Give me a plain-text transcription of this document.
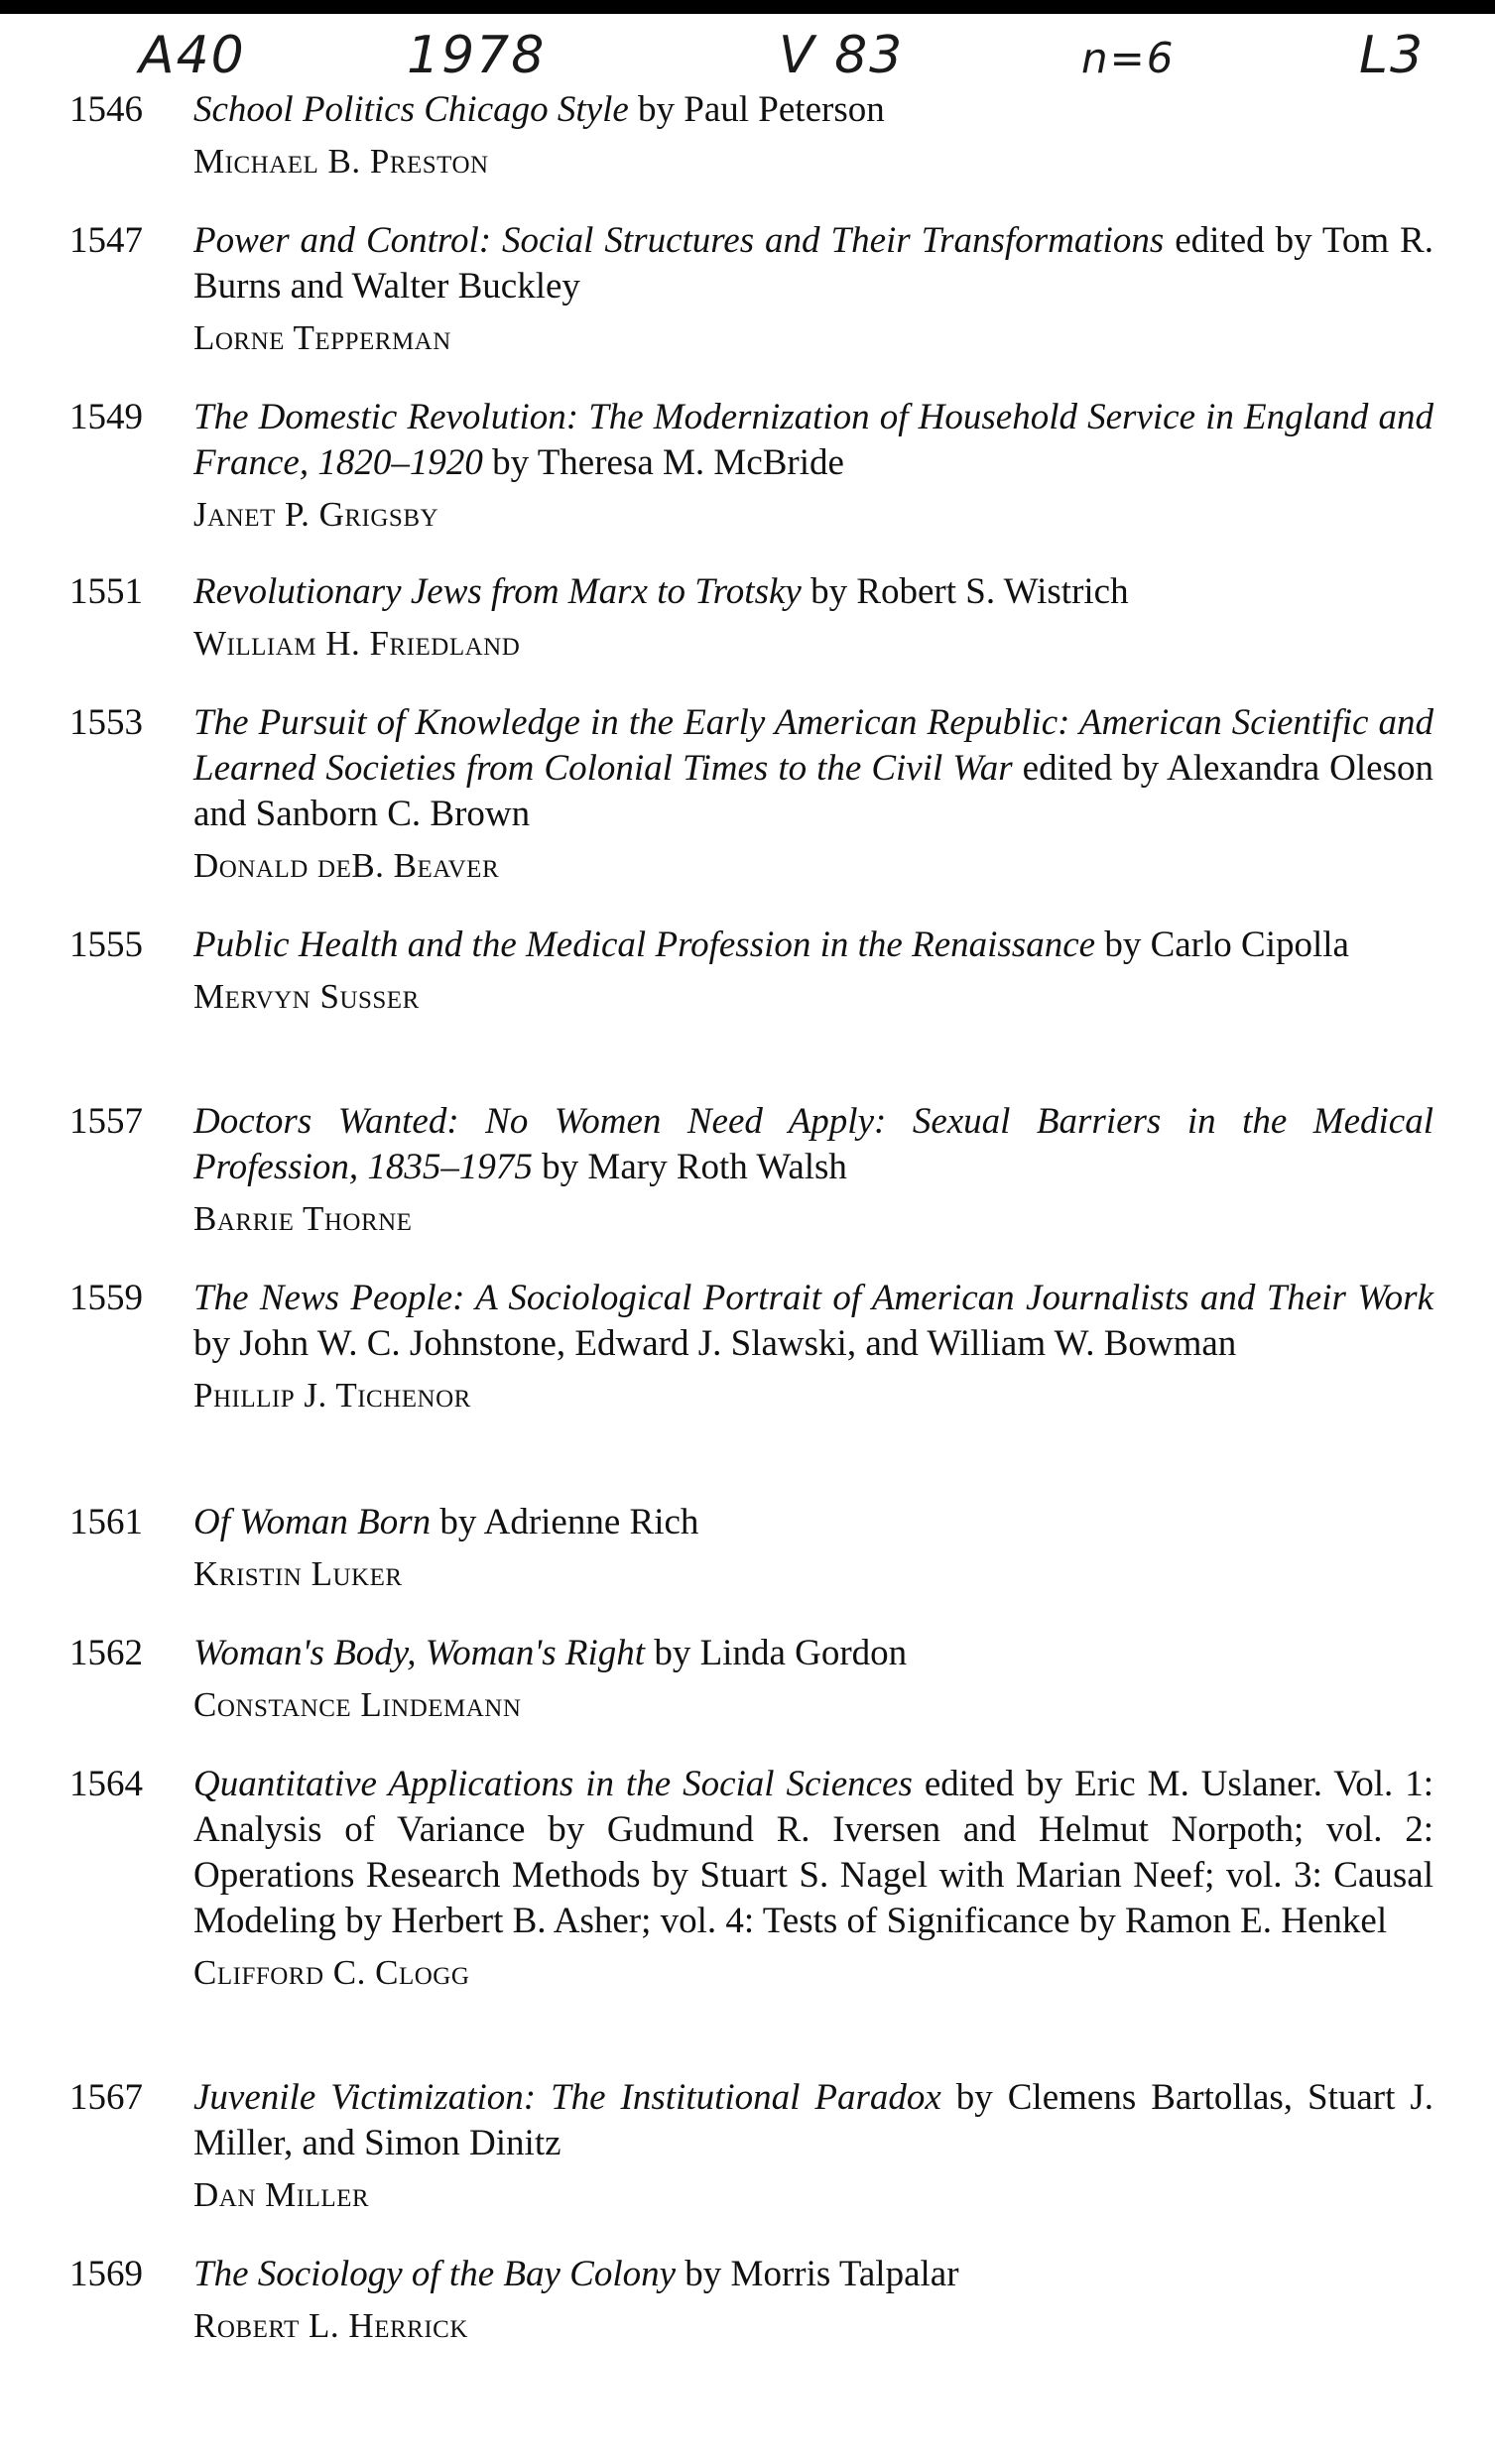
A40	1978	V 83	n=6	L3
1546	School Politics Chicago Style by Paul Peterson
Michael B. Preston
1547	Power and Control: Social Structures and Their Transformations edited by Tom R. Burns and Walter Buckley
Lorne Tepperman
1549	The Domestic Revolution: The Modernization of Household Service in England and France, 1820–1920 by Theresa M. McBride
Janet P. Grigsby
1551	Revolutionary Jews from Marx to Trotsky by Robert S. Wistrich
William H. Friedland
1553	The Pursuit of Knowledge in the Early American Republic: American Scientific and Learned Societies from Colonial Times to the Civil War edited by Alexandra Oleson and Sanborn C. Brown
Donald deB. Beaver
1555	Public Health and the Medical Profession in the Renaissance by Carlo Cipolla
Mervyn Susser
1557	Doctors Wanted: No Women Need Apply: Sexual Barriers in the Medical Profession, 1835–1975 by Mary Roth Walsh
Barrie Thorne
1559	The News People: A Sociological Portrait of American Journalists and Their Work by John W. C. Johnstone, Edward J. Slawski, and William W. Bowman
Phillip J. Tichenor
1561	Of Woman Born by Adrienne Rich
Kristin Luker
1562	Woman's Body, Woman's Right by Linda Gordon
Constance Lindemann
1564	Quantitative Applications in the Social Sciences edited by Eric M. Uslaner. Vol. 1: Analysis of Variance by Gudmund R. Iversen and Helmut Norpoth; vol. 2: Operations Research Methods by Stuart S. Nagel with Marian Neef; vol. 3: Causal Modeling by Herbert B. Asher; vol. 4: Tests of Significance by Ramon E. Henkel
Clifford C. Clogg
1567	Juvenile Victimization: The Institutional Paradox by Clemens Bartollas, Stuart J. Miller, and Simon Dinitz
Dan Miller
1569	The Sociology of the Bay Colony by Morris Talpalar
Robert L. Herrick
